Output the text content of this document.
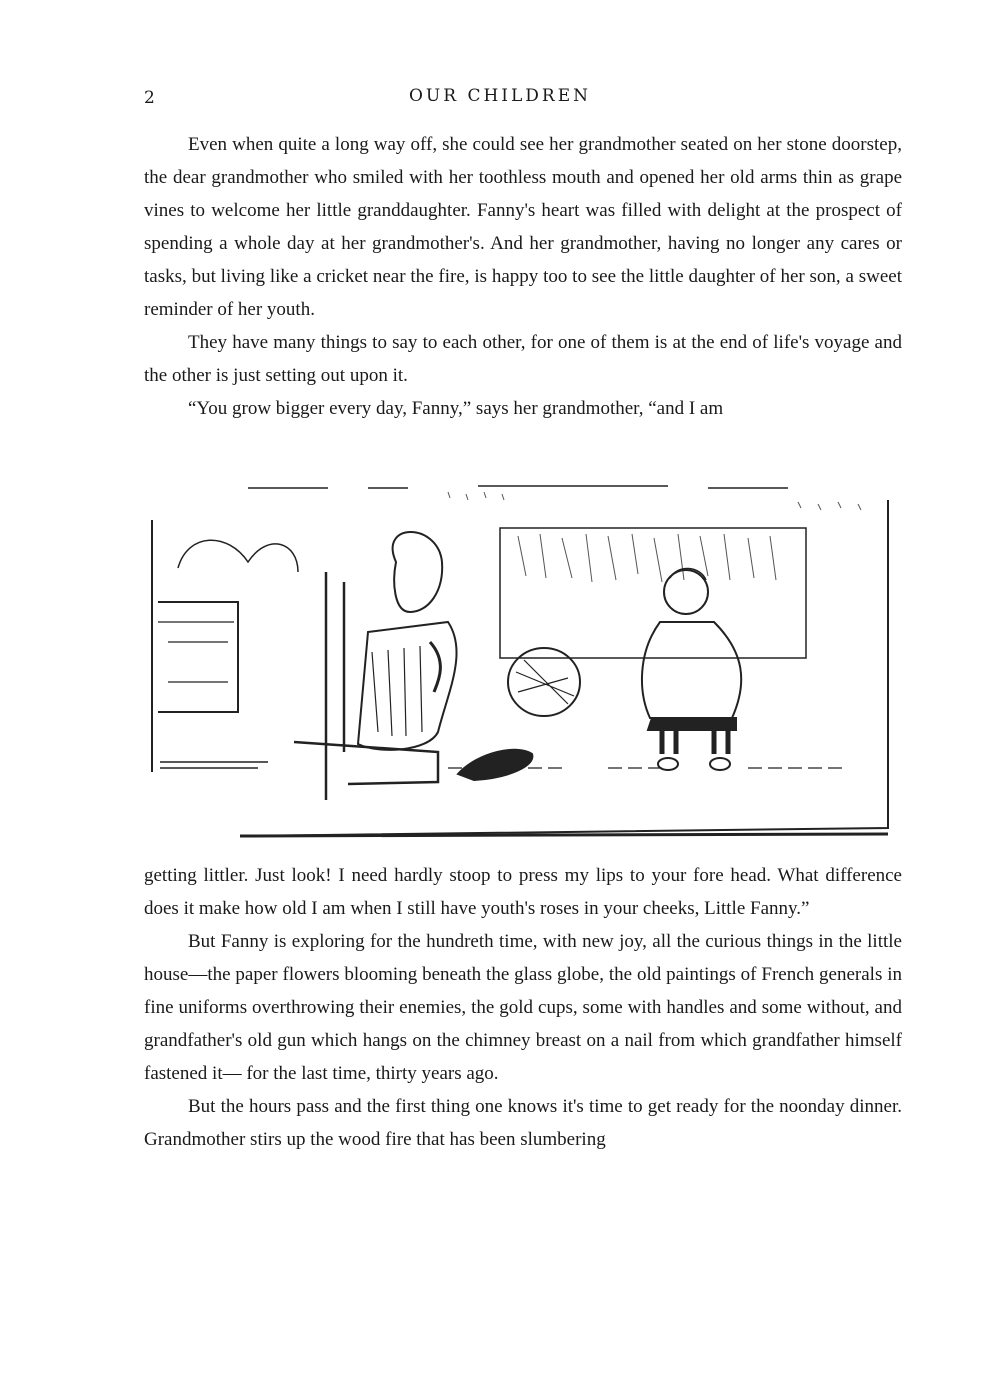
2	OUR CHILDREN

Even when quite a long way off, she could see her grandmother seated on her stone doorstep, the dear grandmother who smiled with her toothless mouth and opened her old arms thin as grape vines to welcome her little granddaughter. Fanny's heart was filled with delight at the prospect of spending a whole day at her grandmother's. And her grandmother, having no longer any cares or tasks, but living like a cricket near the fire, is happy too to see the little daughter of her son, a sweet reminder of her youth.

They have many things to say to each other, for one of them is at the end of life's voyage and the other is just setting out upon it.

“You grow bigger every day, Fanny,” says her grandmother, “and I am

getting littler. Just look! I need hardly stoop to press my lips to your fore head. What difference does it make how old I am when I still have youth's roses in your cheeks, Little Fanny.”

But Fanny is exploring for the hundreth time, with new joy, all the curious things in the little house—the paper flowers blooming beneath the glass globe, the old paintings of French generals in fine uniforms overthrowing their enemies, the gold cups, some with handles and some without, and grandfather's old gun which hangs on the chimney breast on a nail from which grandfather himself fastened it— for the last time, thirty years ago.

But the hours pass and the first thing one knows it's time to get ready for the noonday dinner. Grandmother stirs up the wood fire that has been slumbering
